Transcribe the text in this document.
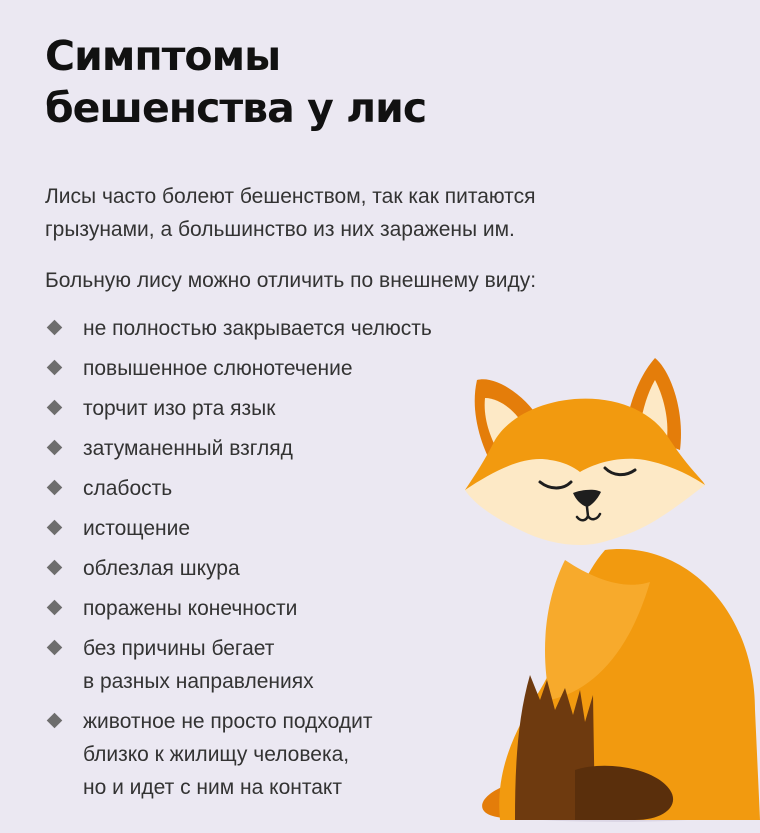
Симптомы
бешенства у лис

Лисы часто болеют бешенством, так как питаются
грызунами, а большинство из них заражены им.

Больную лису можно отличить по внешнему виду:

не полностью закрывается челюсть
повышенное слюнотечение
торчит изо рта язык
затуманенный взгляд
слабость
истощение
облезлая шкура
поражены конечности
без причины бегает
в разных направлениях
животное не просто подходит
близко к жилищу человека,
но и идет с ним на контакт
